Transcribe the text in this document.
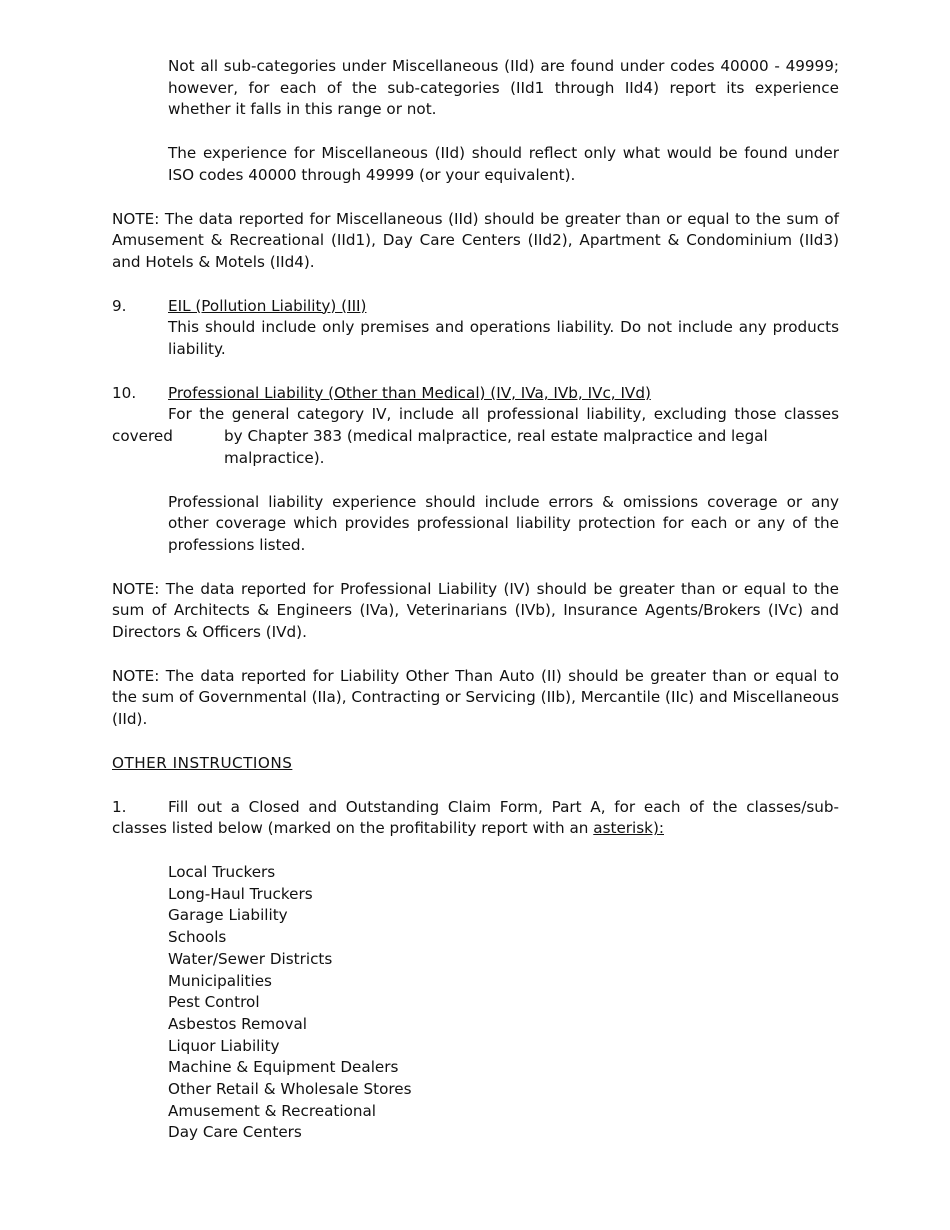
Not all sub-categories under Miscellaneous (IId) are found under codes 40000 - 49999; however, for each of the sub-categories (IId1 through IId4) report its experience whether it falls in this range or not.

The experience for Miscellaneous (IId) should reflect only what would be found under ISO codes 40000 through 49999 (or your equivalent).

NOTE: The data reported for Miscellaneous (IId) should be greater than or equal to the sum of Amusement & Recreational (IId1), Day Care Centers (IId2), Apartment & Condominium (IId3) and Hotels & Motels (IId4).

9.	EIL (Pollution Liability) (III)

This should include only premises and operations liability. Do not include any products liability.

10.	Professional Liability (Other than Medical) (IV, IVa, IVb, IVc, IVd)

For the general category IV, include all professional liability, excluding those classes

covered	by Chapter 383 (medical malpractice, real estate malpractice and legal malpractice).

Professional liability experience should include errors & omissions coverage or any other coverage which provides professional liability protection for each or any of the professions listed.

NOTE: The data reported for Professional Liability (IV) should be greater than or equal to the sum of Architects & Engineers (IVa), Veterinarians (IVb), Insurance Agents/Brokers (IVc) and Directors & Officers (IVd).

NOTE: The data reported for Liability Other Than Auto (II) should be greater than or equal to the sum of Governmental (IIa), Contracting or Servicing (IIb), Mercantile (IIc) and Miscellaneous (IId).

OTHER INSTRUCTIONS

1.	Fill out a Closed and Outstanding Claim Form, Part A, for each of the classes/sub-classes listed below (marked on the profitability report with an asterisk):

Local Truckers
Long-Haul Truckers
Garage Liability
Schools
Water/Sewer Districts
Municipalities
Pest Control
Asbestos Removal
Liquor Liability
Machine & Equipment Dealers
Other Retail & Wholesale Stores
Amusement & Recreational
Day Care Centers
